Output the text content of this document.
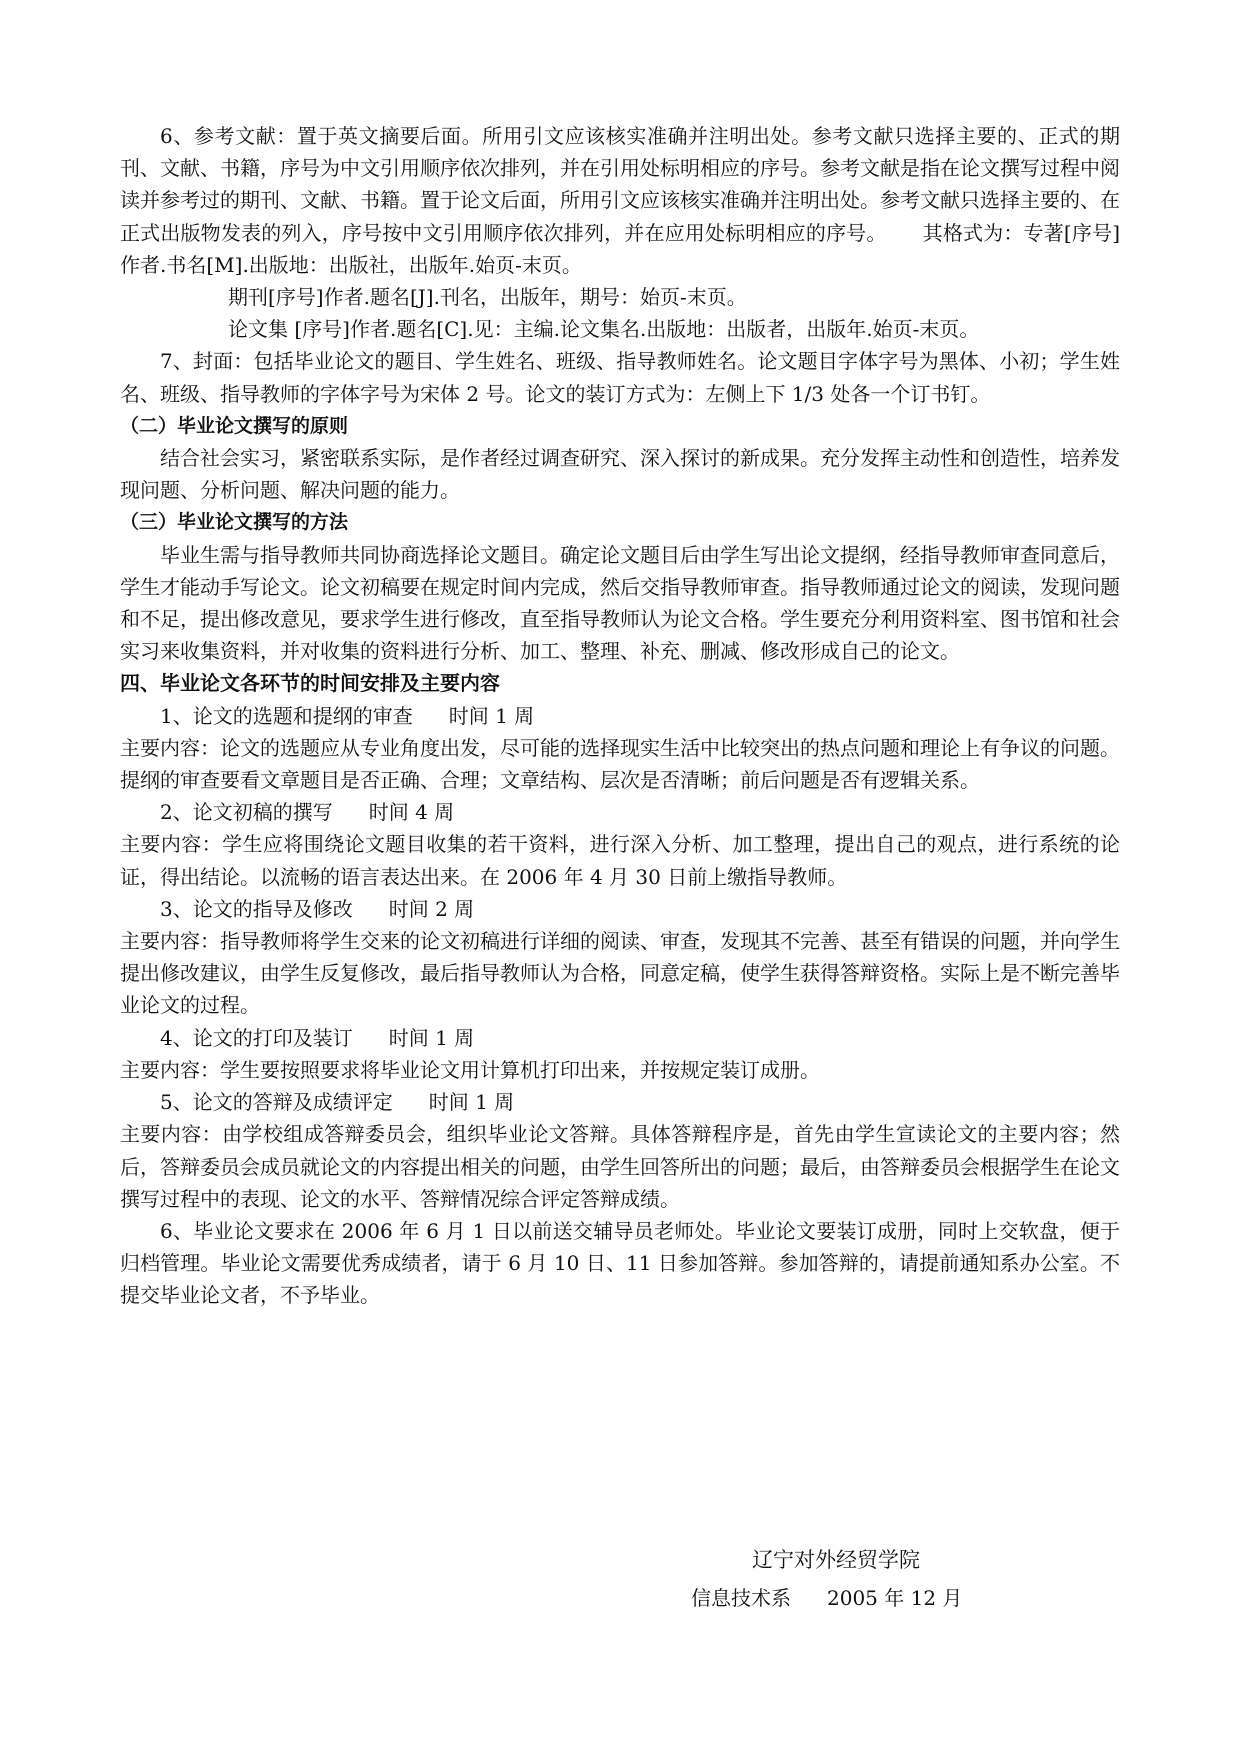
6、参考文献：置于英文摘要后面。所用引文应该核实准确并注明出处。参考文献只选择主要的、正式的期刊、文献、书籍，序号为中文引用顺序依次排列，并在引用处标明相应的序号。参考文献是指在论文撰写过程中阅读并参考过的期刊、文献、书籍。置于论文后面，所用引文应该核实准确并注明出处。参考文献只选择主要的、在正式出版物发表的列入，序号按中文引用顺序依次排列，并在应用处标明相应的序号。 其格式为：专著[序号]作者.书名[M].出版地：出版社，出版年.始页-末页。

期刊[序号]作者.题名[J].刊名，出版年，期号：始页-末页。

论文集 [序号]作者.题名[C].见：主编.论文集名.出版地：出版者，出版年.始页-末页。

7、封面：包括毕业论文的题目、学生姓名、班级、指导教师姓名。论文题目字体字号为黑体、小初；学生姓名、班级、指导教师的字体字号为宋体 2 号。论文的装订方式为：左侧上下 1/3 处各一个订书钉。

（二）毕业论文撰写的原则

结合社会实习，紧密联系实际，是作者经过调查研究、深入探讨的新成果。充分发挥主动性和创造性，培养发现问题、分析问题、解决问题的能力。

（三）毕业论文撰写的方法

毕业生需与指导教师共同协商选择论文题目。确定论文题目后由学生写出论文提纲，经指导教师审查同意后，学生才能动手写论文。论文初稿要在规定时间内完成，然后交指导教师审查。指导教师通过论文的阅读，发现问题和不足，提出修改意见，要求学生进行修改，直至指导教师认为论文合格。学生要充分利用资料室、图书馆和社会实习来收集资料，并对收集的资料进行分析、加工、整理、补充、删减、修改形成自己的论文。

四、毕业论文各环节的时间安排及主要内容

1、论文的选题和提纲的审查 时间 1 周

主要内容：论文的选题应从专业角度出发，尽可能的选择现实生活中比较突出的热点问题和理论上有争议的问题。提纲的审查要看文章题目是否正确、合理；文章结构、层次是否清晰；前后问题是否有逻辑关系。

2、论文初稿的撰写 时间 4 周

主要内容：学生应将围绕论文题目收集的若干资料，进行深入分析、加工整理，提出自己的观点，进行系统的论证，得出结论。以流畅的语言表达出来。在 2006 年 4 月 30 日前上缴指导教师。

3、论文的指导及修改 时间 2 周

主要内容：指导教师将学生交来的论文初稿进行详细的阅读、审查，发现其不完善、甚至有错误的问题，并向学生提出修改建议，由学生反复修改，最后指导教师认为合格，同意定稿，使学生获得答辩资格。实际上是不断完善毕业论文的过程。

4、论文的打印及装订 时间 1 周

主要内容：学生要按照要求将毕业论文用计算机打印出来，并按规定装订成册。

5、论文的答辩及成绩评定 时间 1 周

主要内容：由学校组成答辩委员会，组织毕业论文答辩。具体答辩程序是，首先由学生宣读论文的主要内容；然后，答辩委员会成员就论文的内容提出相关的问题，由学生回答所出的问题；最后，由答辩委员会根据学生在论文撰写过程中的表现、论文的水平、答辩情况综合评定答辩成绩。

6、毕业论文要求在 2006 年 6 月 1 日以前送交辅导员老师处。毕业论文要装订成册，同时上交软盘，便于归档管理。毕业论文需要优秀成绩者，请于 6 月 10 日、11 日参加答辩。参加答辩的，请提前通知系办公室。不提交毕业论文者，不予毕业。

辽宁对外经贸学院
信息技术系 2005 年 12 月
